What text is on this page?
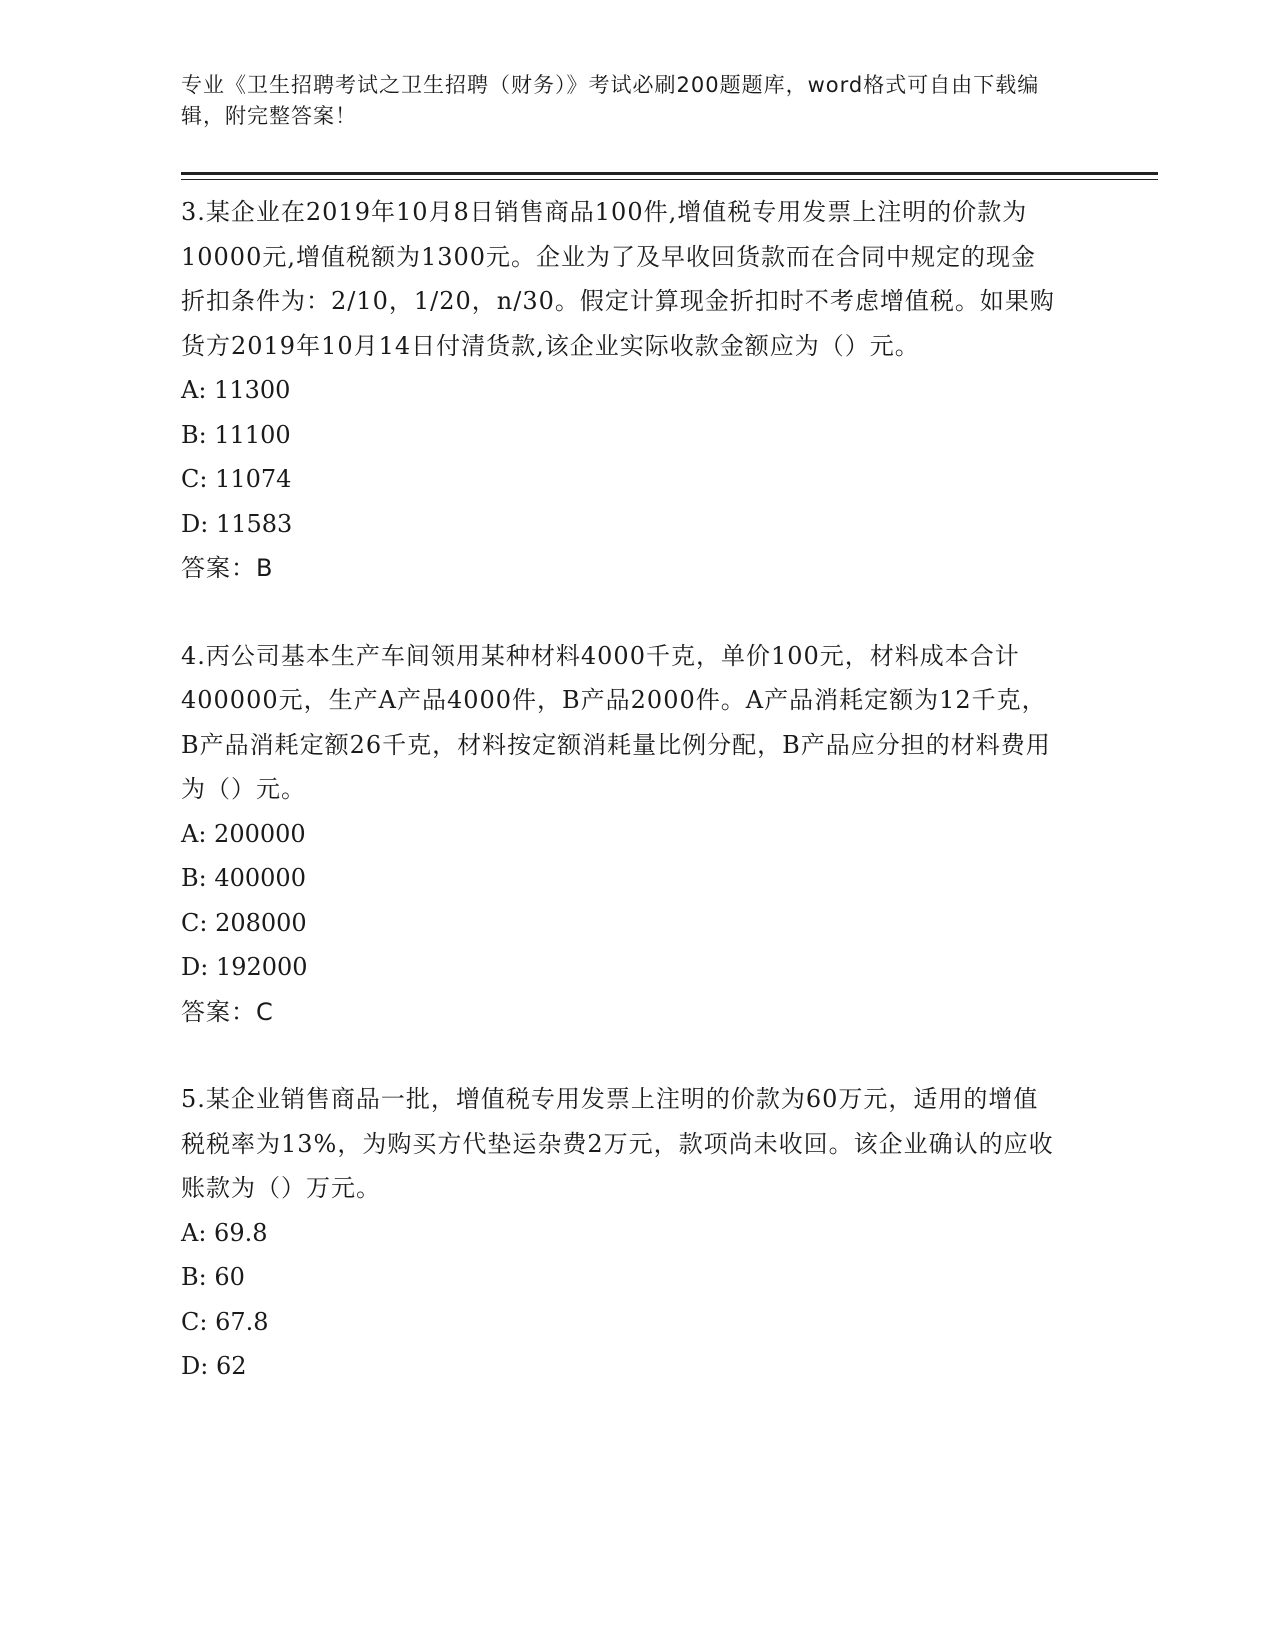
专业《卫生招聘考试之卫生招聘（财务）》考试必刷200题题库，word格式可自由下载编辑，附完整答案！
3.某企业在2019年10月8日销售商品100件,增值税专用发票上注明的价款为10000元,增值税额为1300元。企业为了及早收回货款而在合同中规定的现金折扣条件为：2/10，1/20，n/30。假定计算现金折扣时不考虑增值税。如果购货方2019年10月14日付清货款,该企业实际收款金额应为（）元。
A: 11300
B: 11100
C: 11074
D: 11583
答案：B
4.丙公司基本生产车间领用某种材料4000千克，单价100元，材料成本合计400000元，生产A产品4000件，B产品2000件。A产品消耗定额为12千克，B产品消耗定额26千克，材料按定额消耗量比例分配，B产品应分担的材料费用为（）元。
A: 200000
B: 400000
C: 208000
D: 192000
答案：C
5.某企业销售商品一批，增值税专用发票上注明的价款为60万元，适用的增值税税率为13%，为购买方代垫运杂费2万元，款项尚未收回。该企业确认的应收账款为（）万元。
A: 69.8
B: 60
C: 67.8
D: 62
